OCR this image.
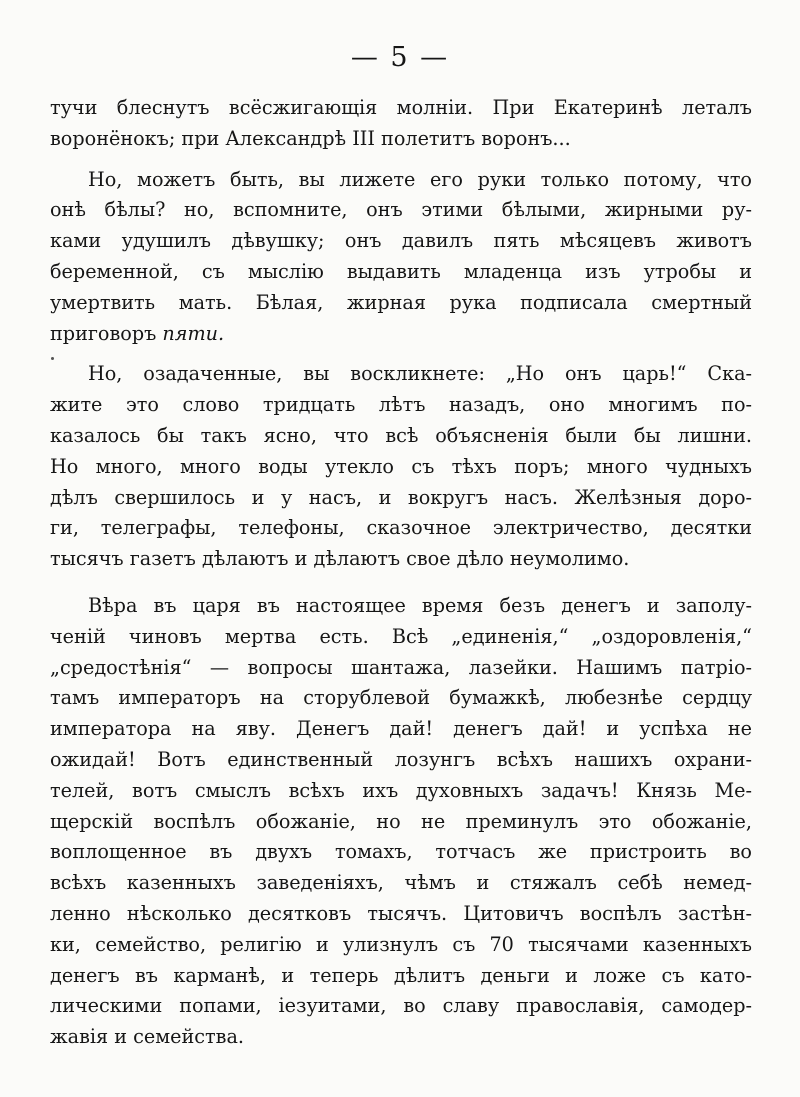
— 5 —

тучи блеснутъ всёсжигающія молніи. При Екатеринѣ леталъ
воронёнокъ; при Александрѣ III полетитъ воронъ...

Но, можетъ быть, вы лижете его руки только потому, что
онѣ бѣлы? но, вспомните, онъ этими бѣлыми, жирными ру-
ками удушилъ дѣвушку; онъ давилъ пять мѣсяцевъ животъ
беременной, съ мыслію выдавить младенца изъ утробы и
умертвить мать. Бѣлая, жирная рука подписала смертный
приговоръ пяти.

Но, озадаченные, вы воскликнете: „Но онъ царь!“ Ска-
жите это слово тридцать лѣтъ назадъ, оно многимъ по-
казалось бы такъ ясно, что всѣ объясненія были бы лишни.
Но много, много воды утекло съ тѣхъ поръ; много чудныхъ
дѣлъ свершилось и у насъ, и вокругъ насъ. Желѣзныя доро-
ги, телеграфы, телефоны, сказочное электричество, десятки
тысячъ газетъ дѣлаютъ и дѣлаютъ свое дѣло неумолимо.

Вѣра въ царя въ настоящее время безъ денегъ и заполу-
ченій чиновъ мертва есть. Всѣ „единенія,“ „оздоровленія,“
„средостѣнія“ — вопросы шантажа, лазейки. Нашимъ патріо-
тамъ императоръ на сторублевой бумажкѣ, любезнѣе сердцу
императора на яву. Денегъ дай! денегъ дай! и успѣха не
ожидай! Вотъ единственный лозунгъ всѣхъ нашихъ охрани-
телей, вотъ смыслъ всѣхъ ихъ духовныхъ задачъ! Князь Ме-
щерскій воспѣлъ обожаніе, но не преминулъ это обожаніе,
воплощенное въ двухъ томахъ, тотчасъ же пристроить во
всѣхъ казенныхъ заведеніяхъ, чѣмъ и стяжалъ себѣ немед-
ленно нѣсколько десятковъ тысячъ. Цитовичъ воспѣлъ застѣн-
ки, семейство, религію и улизнулъ съ 70 тысячами казенныхъ
денегъ въ карманѣ, и теперь дѣлитъ деньги и ложе съ като-
лическими попами, іезуитами, во славу православія, самодер-
жавія и семейства.
